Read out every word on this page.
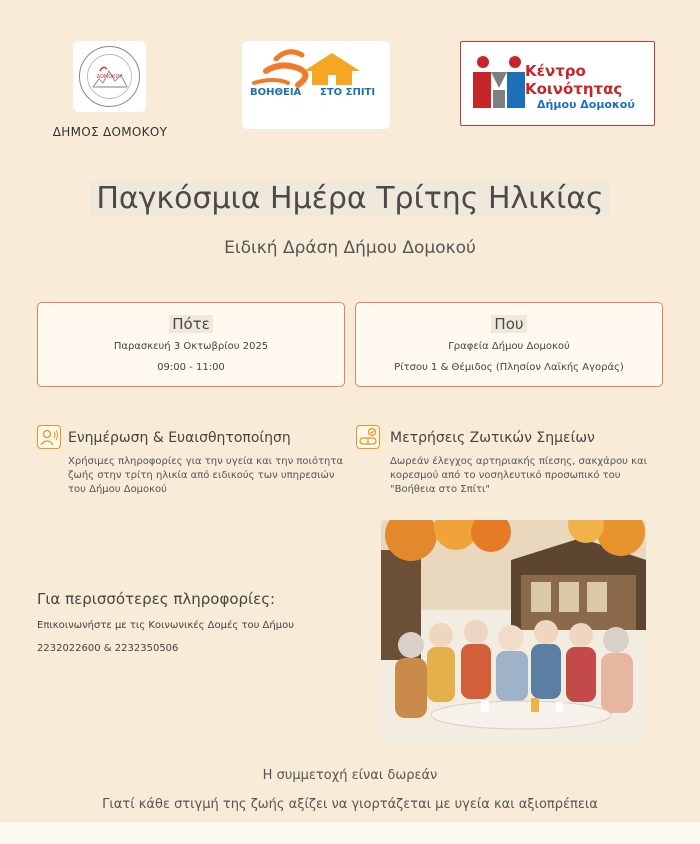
ΔΟΜΟΚΟΥ
ΔΗΜΟΣ ΔΟΜΟΚΟΥ
ΒΟΗΘΕΙΑ ΣΤΟ ΣΠΙΤΙ
Κέντρο
Κοινότητας
Δήμου Δομοκού
Παγκόσμια Ημέρα Τρίτης Ηλικίας
Ειδική Δράση Δήμου Δομοκού
Πότε
Παρασκευή 3 Οκτωβρίου 2025
09:00 - 11:00
Που
Γραφεία Δήμου Δομοκού
Ρίτσου 1 & Θέμιδος (Πλησίον Λαϊκής Αγοράς)
Ενημέρωση & Ευαισθητοποίηση
Χρήσιμες πληροφορίες για την υγεία και την ποιότητα
ζωής στην τρίτη ηλικία από ειδικούς των υπηρεσιών
του Δήμου Δομοκού
Μετρήσεις Ζωτικών Σημείων
Δωρεάν έλεγχος αρτηριακής πίεσης, σακχάρου και
κορεσμού από το νοσηλευτικό προσωπικό του
"Βοήθεια στο Σπίτι"
Για περισσότερες πληροφορίες:
Επικοινωνήστε με τις Κοινωνικές Δομές του Δήμου
2232022600 & 2232350506
Η συμμετοχή είναι δωρεάν
Γιατί κάθε στιγμή της ζωής αξίζει να γιορτάζεται με υγεία και αξιοπρέπεια
